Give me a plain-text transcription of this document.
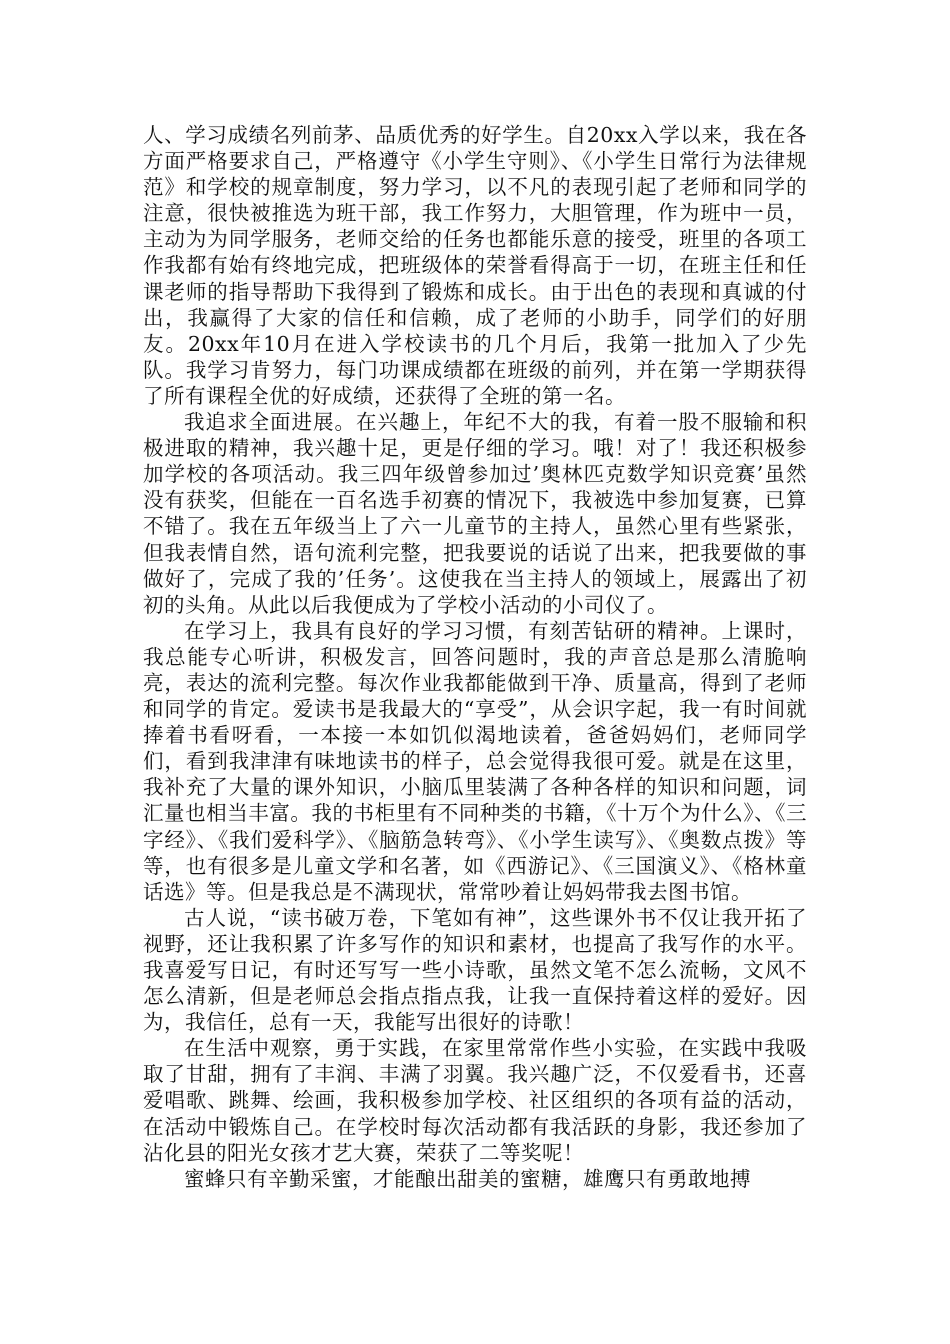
人、学习成绩名列前茅、品质优秀的好学生。自20xx入学以来，我在各方面严格要求自己，严格遵守《小学生守则》、《小学生日常行为法律规范》和学校的规章制度，努力学习，以不凡的表现引起了老师和同学的注意，很快被推选为班干部，我工作努力，大胆管理，作为班中一员，主动为为同学服务，老师交给的任务也都能乐意的接受，班里的各项工作我都有始有终地完成，把班级体的荣誉看得高于一切，在班主任和任课老师的指导帮助下我得到了锻炼和成长。由于出色的表现和真诚的付出，我赢得了大家的信任和信赖，成了老师的小助手，同学们的好朋友。20xx年10月在进入学校读书的几个月后，我第一批加入了少先队。我学习肯努力，每门功课成绩都在班级的前列，并在第一学期获得了所有课程全优的好成绩，还获得了全班的第一名。

我追求全面进展。在兴趣上，年纪不大的我，有着一股不服输和积极进取的精神，我兴趣十足，更是仔细的学习。哦！对了！我还积极参加学校的各项活动。我三四年级曾参加过’奥林匹克数学知识竞赛’虽然没有获奖，但能在一百名选手初赛的情况下，我被选中参加复赛，已算不错了。我在五年级当上了六一儿童节的主持人，虽然心里有些紧张，但我表情自然，语句流利完整，把我要说的话说了出来，把我要做的事做好了，完成了我的’任务’。这使我在当主持人的领域上，展露出了初初的头角。从此以后我便成为了学校小活动的小司仪了。

在学习上，我具有良好的学习习惯，有刻苦钻研的精神。上课时，我总能专心听讲，积极发言，回答问题时，我的声音总是那么清脆响亮，表达的流利完整。每次作业我都能做到干净、质量高，得到了老师和同学的肯定。爱读书是我最大的“享受”，从会识字起，我一有时间就捧着书看呀看，一本接一本如饥似渴地读着，爸爸妈妈们，老师同学们，看到我津津有味地读书的样子，总会觉得我很可爱。就是在这里，我补充了大量的课外知识，小脑瓜里装满了各种各样的知识和问题，词汇量也相当丰富。我的书柜里有不同种类的书籍，《十万个为什么》、《三字经》、《我们爱科学》、《脑筋急转弯》、《小学生读写》、《奥数点拨》等等，也有很多是儿童文学和名著，如《西游记》、《三国演义》、《格林童话选》等。但是我总是不满现状，常常吵着让妈妈带我去图书馆。

古人说，“读书破万卷，下笔如有神”，这些课外书不仅让我开拓了视野，还让我积累了许多写作的知识和素材，也提高了我写作的水平。我喜爱写日记，有时还写写一些小诗歌，虽然文笔不怎么流畅，文风不怎么清新，但是老师总会指点指点我，让我一直保持着这样的爱好。因为，我信任，总有一天，我能写出很好的诗歌！

在生活中观察，勇于实践，在家里常常作些小实验，在实践中我吸取了甘甜，拥有了丰润、丰满了羽翼。我兴趣广泛，不仅爱看书，还喜爱唱歌、跳舞、绘画，我积极参加学校、社区组织的各项有益的活动，在活动中锻炼自己。在学校时每次活动都有我活跃的身影，我还参加了沾化县的阳光女孩才艺大赛，荣获了二等奖呢！

蜜蜂只有辛勤采蜜，才能酿出甜美的蜜糖，雄鹰只有勇敢地搏
